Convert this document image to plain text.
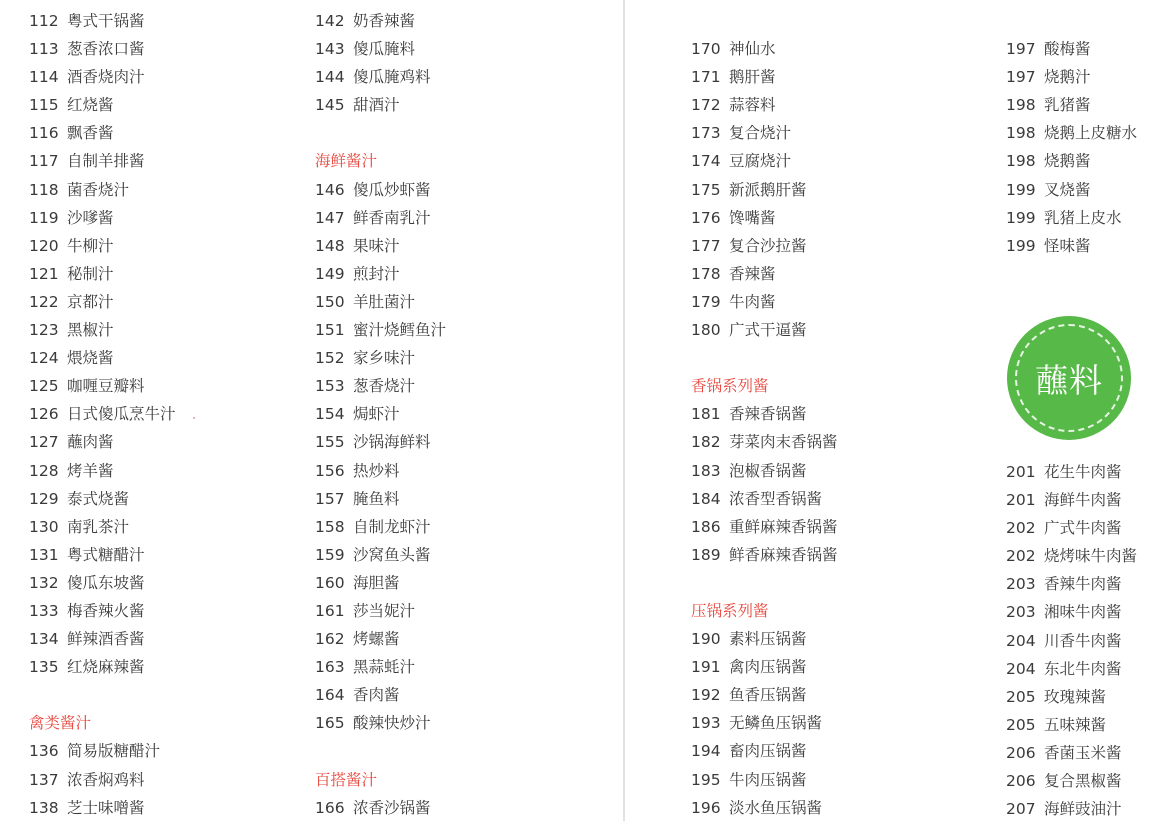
112 粤式干锅酱
113 葱香浓口酱
114 酒香烧肉汁
115 红烧酱
116 飘香酱
117 自制羊排酱
118 菌香烧汁
119 沙嗲酱
120 牛柳汁
121 秘制汁
122 京都汁
123 黑椒汁
124 煨烧酱
125 咖喱豆瓣料
126 日式傻瓜烹牛汁
127 蘸肉酱
128 烤羊酱
129 泰式烧酱
130 南乳茶汁
131 粤式糖醋汁
132 傻瓜东坡酱
133 梅香辣火酱
134 鲜辣酒香酱
135 红烧麻辣酱
禽类酱汁
136 简易版糖醋汁
137 浓香焖鸡料
138 芝士味噌酱
142 奶香辣酱
143 傻瓜腌料
144 傻瓜腌鸡料
145 甜酒汁
海鲜酱汁
146 傻瓜炒虾酱
147 鲜香南乳汁
148 果味汁
149 煎封汁
150 羊肚菌汁
151 蜜汁烧鳕鱼汁
152 家乡味汁
153 葱香烧汁
154 焗虾汁
155 沙锅海鲜料
156 热炒料
157 腌鱼料
158 自制龙虾汁
159 沙窝鱼头酱
160 海胆酱
161 莎当妮汁
162 烤螺酱
163 黑蒜蚝汁
164 香肉酱
165 酸辣快炒汁
百搭酱汁
166 浓香沙锅酱
170 神仙水
171 鹅肝酱
172 蒜蓉料
173 复合烧汁
174 豆腐烧汁
175 新派鹅肝酱
176 馋嘴酱
177 复合沙拉酱
178 香辣酱
179 牛肉酱
180 广式干逼酱
香锅系列酱
181 香辣香锅酱
182 芽菜肉末香锅酱
183 泡椒香锅酱
184 浓香型香锅酱
186 重鲜麻辣香锅酱
189 鲜香麻辣香锅酱
压锅系列酱
190 素料压锅酱
191 禽肉压锅酱
192 鱼香压锅酱
193 无鳞鱼压锅酱
194 畜肉压锅酱
195 牛肉压锅酱
196 淡水鱼压锅酱
197 酸梅酱
197 烧鹅汁
198 乳猪酱
198 烧鹅上皮糖水
198 烧鹅酱
199 叉烧酱
199 乳猪上皮水
199 怪味酱
蘸料
201 花生牛肉酱
201 海鲜牛肉酱
202 广式牛肉酱
202 烧烤味牛肉酱
203 香辣牛肉酱
203 湘味牛肉酱
204 川香牛肉酱
204 东北牛肉酱
205 玫瑰辣酱
205 五味辣酱
206 香菌玉米酱
206 复合黑椒酱
207 海鲜豉油汁
